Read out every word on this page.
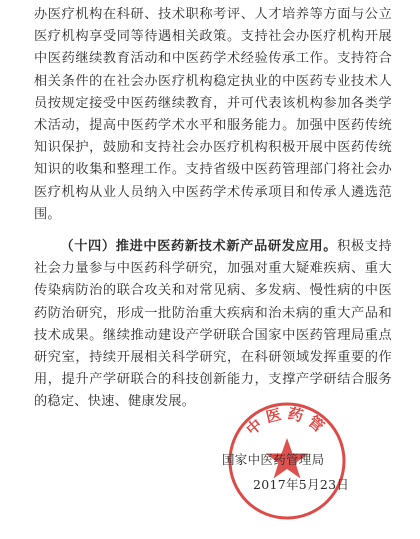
办医疗机构在科研、技术职称考评、人才培养等方面与公立医疗机构享受同等待遇相关政策。支持社会办医疗机构开展中医药继续教育活动和中医药学术经验传承工作。支持符合相关条件的在社会办医疗机构稳定执业的中医药专业技术人员按规定接受中医药继续教育，并可代表该机构参加各类学术活动，提高中医药学术水平和服务能力。加强中医药传统知识保护，鼓励和支持社会办医疗机构积极开展中医药传统知识的收集和整理工作。支持省级中医药管理部门将社会办医疗机构从业人员纳入中医药学术传承项目和传承人遴选范围。

（十四）推进中医药新技术新产品研发应用。积极支持社会力量参与中医药科学研究，加强对重大疑难疾病、重大传染病防治的联合攻关和对常见病、多发病、慢性病的中医药防治研究，形成一批防治重大疾病和治未病的重大产品和技术成果。继续推动建设产学研联合国家中医药管理局重点研究室，持续开展相关科学研究，在科研领域发挥重要的作用，提升产学研联合的科技创新能力，支撑产学研结合服务的稳定、快速、健康发展。

中医药管
国家中医药管理局
2017年5月23日
